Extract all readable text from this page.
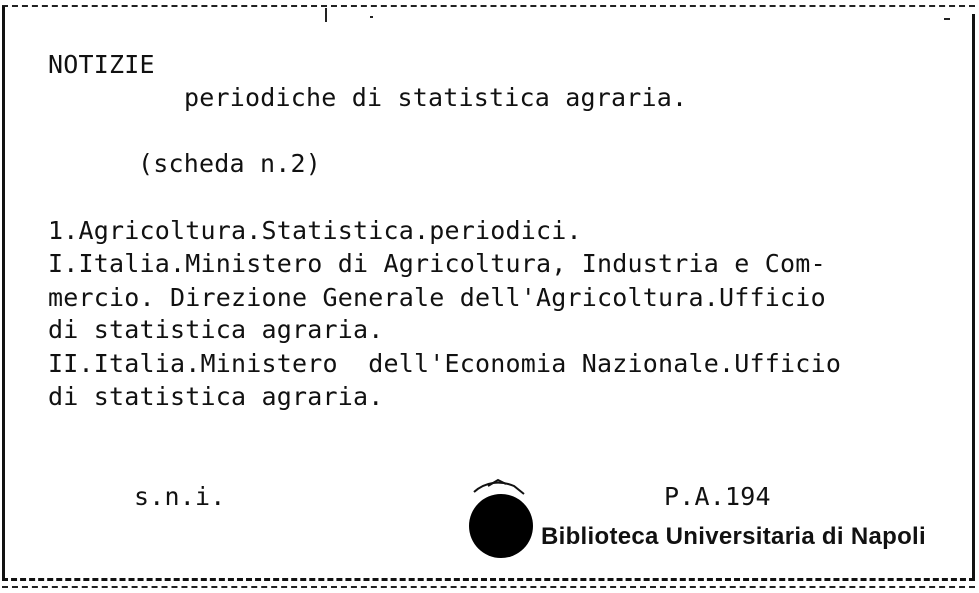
NOTIZIE
periodiche di statistica agraria.
(scheda n.2)
1.Agricoltura.Statistica.periodici.
I.Italia.Ministero di Agricoltura, Industria e Com-
mercio. Direzione Generale dell'Agricoltura.Ufficio
di statistica agraria.
II.Italia.Ministero  dell'Economia Nazionale.Ufficio
di statistica agraria.
s.n.i.	P.A.194
Biblioteca Universitaria di Napoli
